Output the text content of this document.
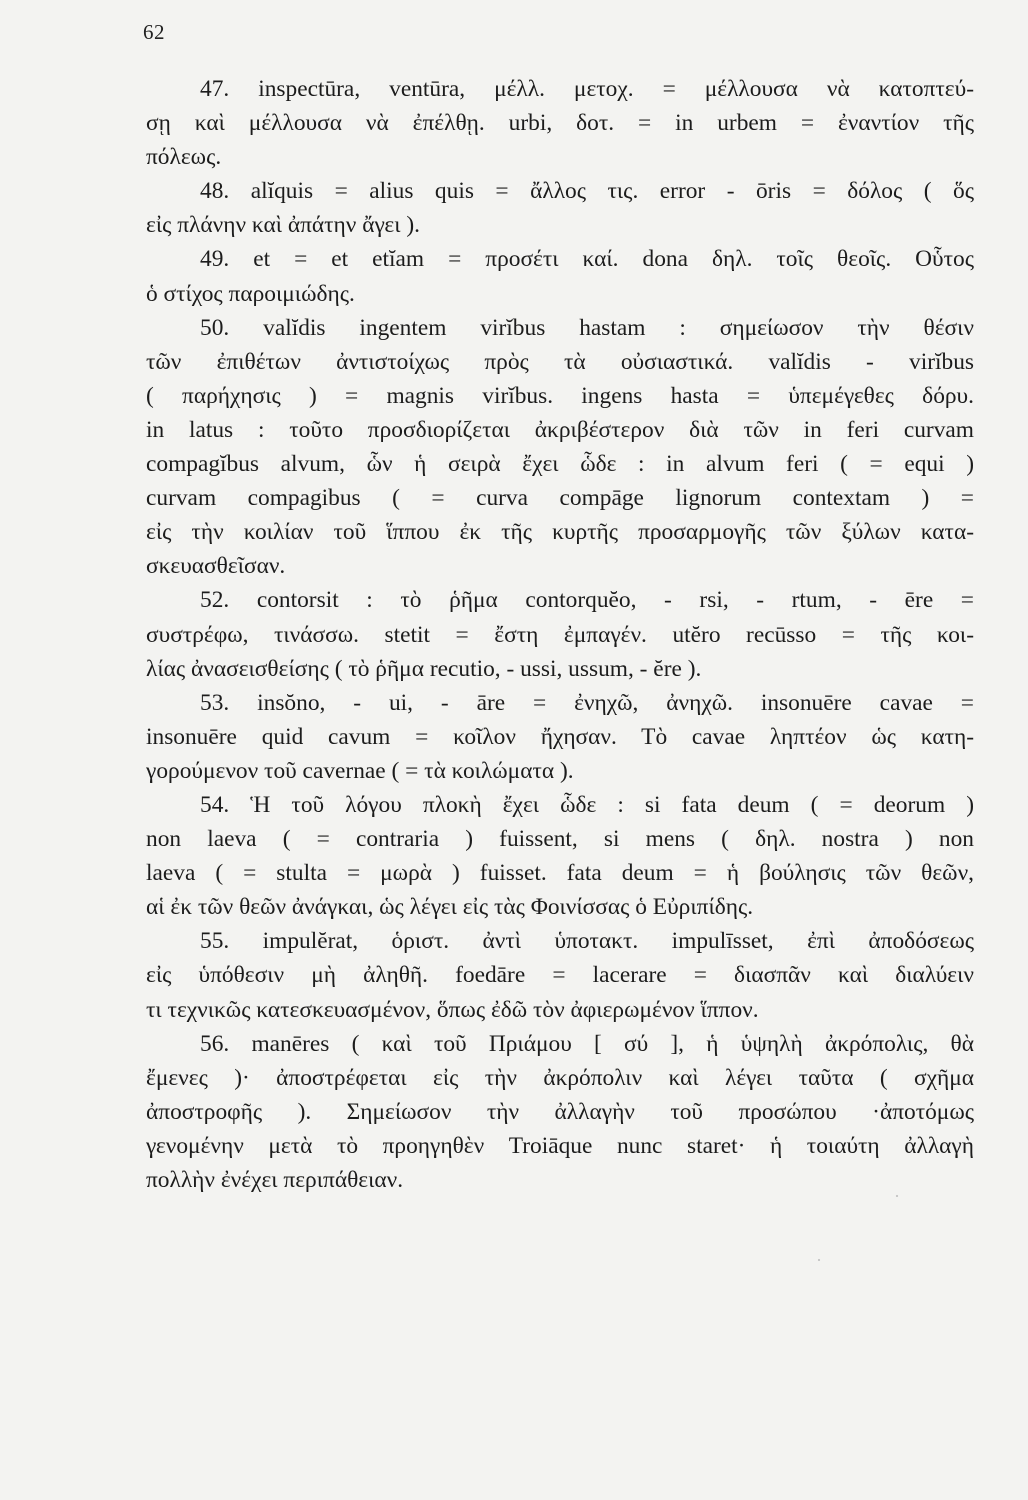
62
47. inspectūra, ventūra, μέλλ. μετοχ. = μέλλουσα νὰ κατοπτεύ-
σῃ καὶ μέλλουσα νὰ ἐπέλθῃ. urbi, δοτ. = in urbem = ἐναντίον τῆς
πόλεως.
48. alĭquis = alius quis = ἄλλος τις. error - ōris = δόλος ( ὅς
εἰς πλάνην καὶ ἀπάτην ἄγει ).
49. et = et etĭam = προσέτι καί. dona δηλ. τοῖς θεοῖς. Οὗτος
ὁ στίχος παροιμιώδης.
50. valĭdis ingentem virĭbus hastam : σημείωσον τὴν θέσιν
τῶν ἐπιθέτων ἀντιστοίχως πρὸς τὰ οὐσιαστικά. valĭdis - virĭbus
( παρήχησις ) = magnis virĭbus. ingens hasta = ὑπεμέγεθες δόρυ.
in latus : τοῦτο προσδιορίζεται ἀκριβέστερον διὰ τῶν in feri curvam
compagĭbus alvum, ὧν ἡ σειρὰ ἔχει ὧδε : in alvum feri ( = equi )
curvam compagibus ( = curva compāge lignorum contextam ) =
εἰς τὴν κοιλίαν τοῦ ἵππου ἐκ τῆς κυρτῆς προσαρμογῆς τῶν ξύλων κατα-
σκευασθεῖσαν.
52. contorsit : τὸ ῥῆμα contorquĕo, - rsi, - rtum, - ēre =
συστρέφω, τινάσσω. stetit = ἔστη ἐμπαγέν. utĕro recūsso = τῆς κοι-
λίας ἀνασεισθείσης ( τὸ ῥῆμα recutio, - ussi, ussum, - ĕre ).
53. insŏno, - ui, - āre = ἐνηχῶ, ἀνηχῶ. insonuēre cavae =
insonuēre quid cavum = κοῖλον ἤχησαν. Τὸ cavae ληπτέον ὡς κατη-
γορούμενον τοῦ cavernae ( = τὰ κοιλώματα ).
54. Ἡ τοῦ λόγου πλοκὴ ἔχει ὧδε : si fata deum ( = deorum )
non laeva ( = contraria ) fuissent, si mens ( δηλ. nostra ) non
laeva ( = stulta = μωρὰ ) fuisset. fata deum = ἡ βούλησις τῶν θεῶν,
αἱ ἐκ τῶν θεῶν ἀνάγκαι, ὡς λέγει εἰς τὰς Φοινίσσας ὁ Εὐριπίδης.
55. impulĕrat, ὁριστ. ἀντὶ ὑποτακτ. impulīsset, ἐπὶ ἀποδόσεως
εἰς ὑπόθεσιν μὴ ἀληθῆ. foedāre = lacerare = διασπᾶν καὶ διαλύειν
τι τεχνικῶς κατεσκευασμένον, ὅπως ἐδῶ τὸν ἀφιερωμένον ἵππον.
56. manēres ( καὶ τοῦ Πριάμου [ σύ ], ἡ ὑψηλὴ ἀκρόπολις, θὰ
ἔμενες )· ἀποστρέφεται εἰς τὴν ἀκρόπολιν καὶ λέγει ταῦτα ( σχῆμα
ἀποστροφῆς ). Σημείωσον τὴν ἀλλαγὴν τοῦ προσώπου ·ἀποτόμως
γενομένην μετὰ τὸ προηγηθὲν Troiāque nunc staret· ἡ τοιαύτη ἀλλαγὴ
πολλὴν ἐνέχει περιπάθειαν.
·
·
